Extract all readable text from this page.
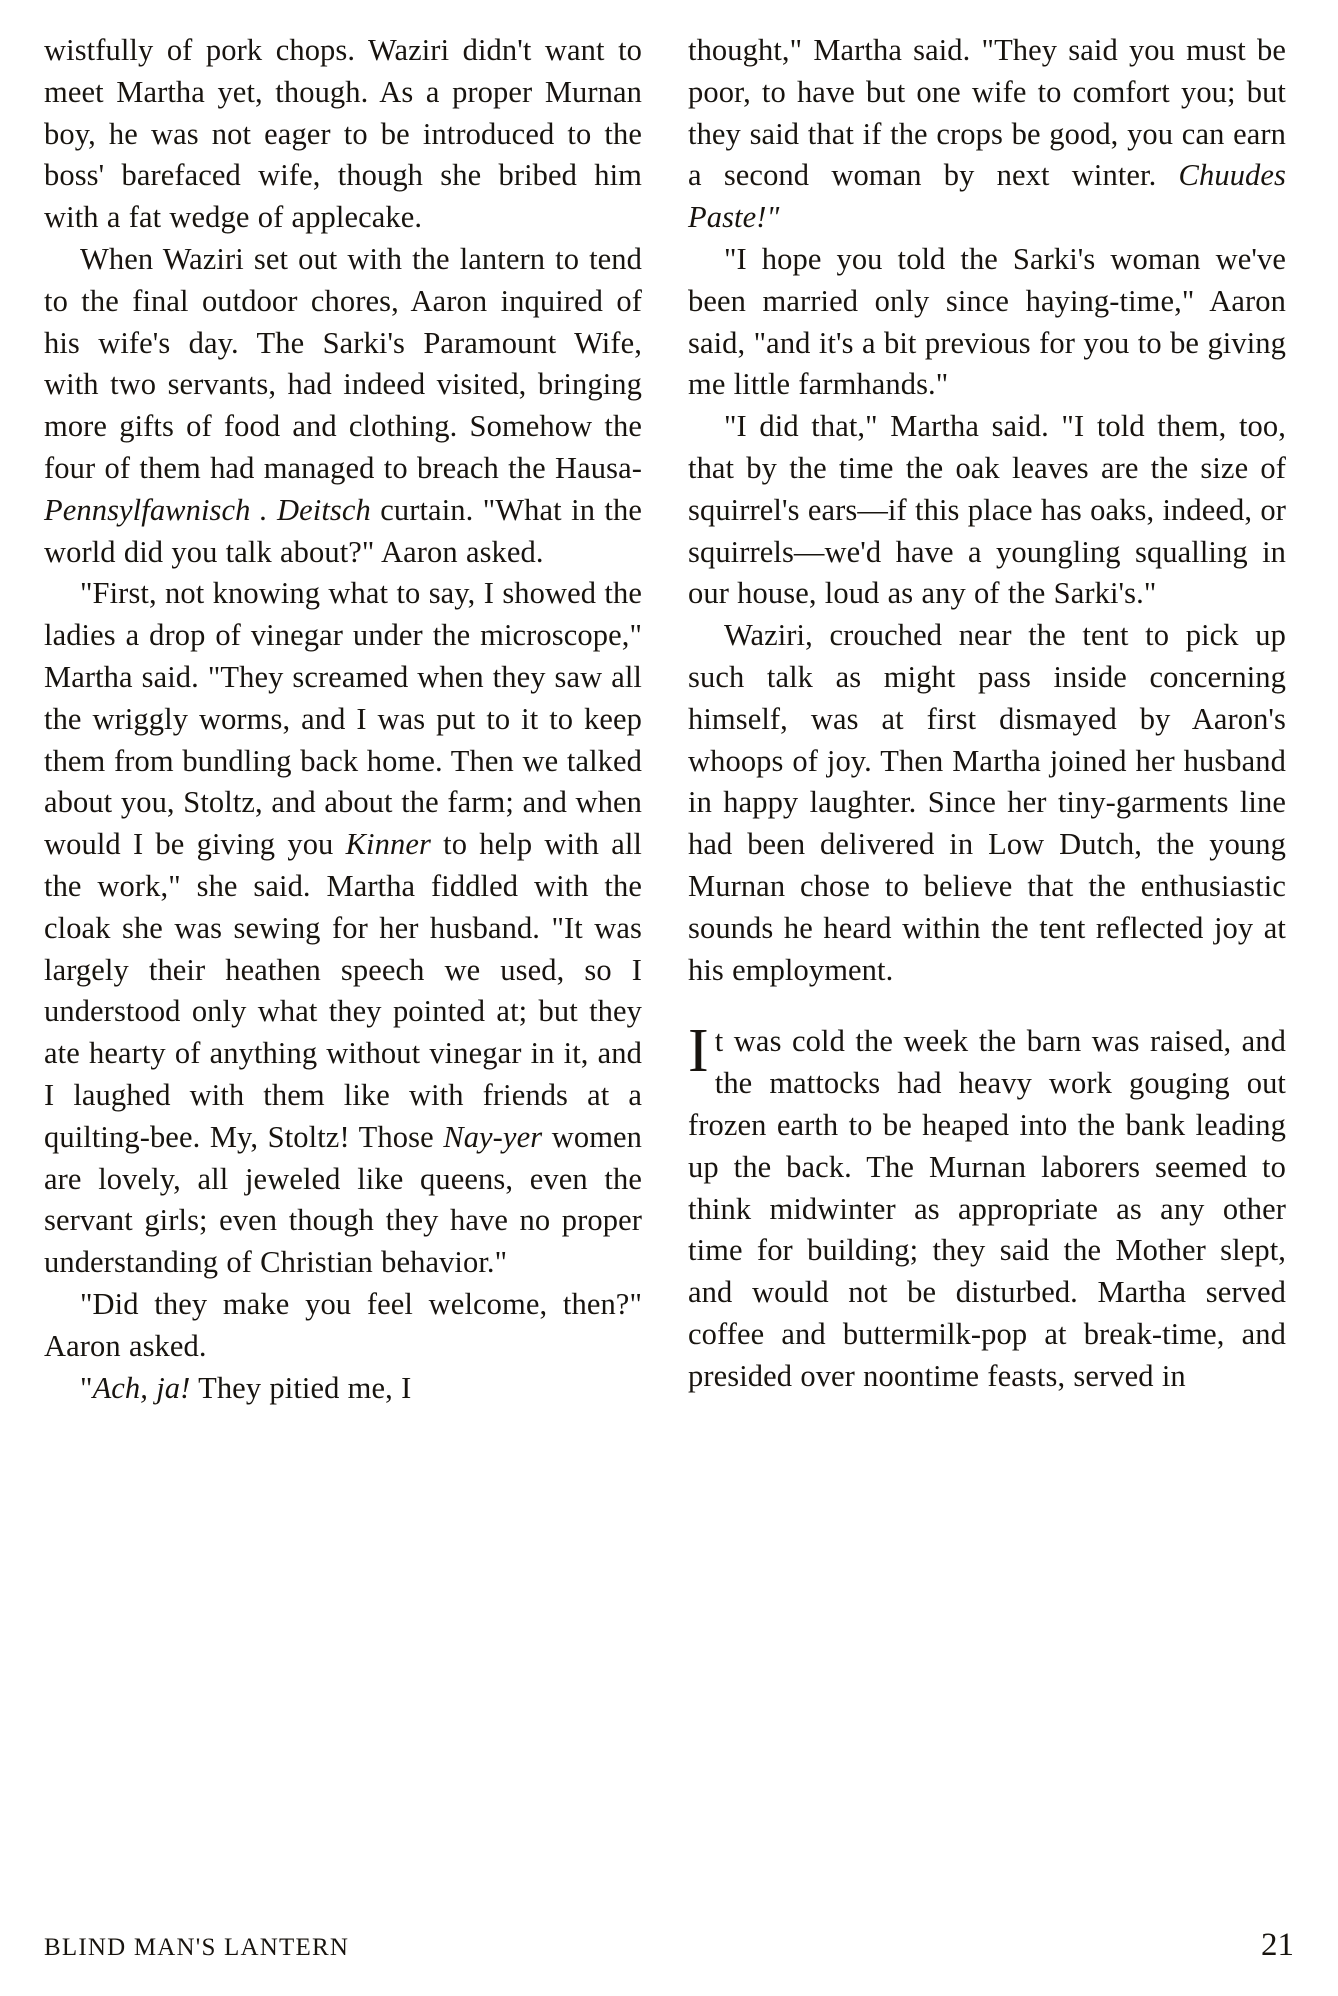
wistfully of pork chops. Waziri didn't want to meet Martha yet, though. As a proper Murnan boy, he was not eager to be introduced to the boss' barefaced wife, though she bribed him with a fat wedge of applecake.

When Waziri set out with the lantern to tend to the final outdoor chores, Aaron inquired of his wife's day. The Sarki's Paramount Wife, with two servants, had indeed visited, bringing more gifts of food and clothing. Somehow the four of them had managed to breach the Hausa-Pennsylfawnisch . Deitsch curtain. "What in the world did you talk about?" Aaron asked.

"First, not knowing what to say, I showed the ladies a drop of vinegar under the microscope," Martha said. "They screamed when they saw all the wriggly worms, and I was put to it to keep them from bundling back home. Then we talked about you, Stoltz, and about the farm; and when would I be giving you Kinner to help with all the work," she said. Martha fiddled with the cloak she was sewing for her husband. "It was largely their heathen speech we used, so I understood only what they pointed at; but they ate hearty of anything without vinegar in it, and I laughed with them like with friends at a quilting-bee. My, Stoltz! Those Nay-yer women are lovely, all jeweled like queens, even the servant girls; even though they have no proper understanding of Christian behavior."

"Did they make you feel welcome, then?" Aaron asked.

"Ach, ja! They pitied me, I

thought," Martha said. "They said you must be poor, to have but one wife to comfort you; but they said that if the crops be good, you can earn a second woman by next winter. Chuudes Paste!"

"I hope you told the Sarki's woman we've been married only since haying-time," Aaron said, "and it's a bit previous for you to be giving me little farmhands."

"I did that," Martha said. "I told them, too, that by the time the oak leaves are the size of squirrel's ears—if this place has oaks, indeed, or squirrels—we'd have a youngling squalling in our house, loud as any of the Sarki's."

Waziri, crouched near the tent to pick up such talk as might pass inside concerning himself, was at first dismayed by Aaron's whoops of joy. Then Martha joined her husband in happy laughter. Since her tiny-garments line had been delivered in Low Dutch, the young Murnan chose to believe that the enthusiastic sounds he heard within the tent reflected joy at his employment.

It was cold the week the barn was raised, and the mattocks had heavy work gouging out frozen earth to be heaped into the bank leading up the back. The Murnan laborers seemed to think midwinter as appropriate as any other time for building; they said the Mother slept, and would not be disturbed. Martha served coffee and buttermilk-pop at break-time, and presided over noontime feasts, served in

BLIND MAN'S LANTERN	21
